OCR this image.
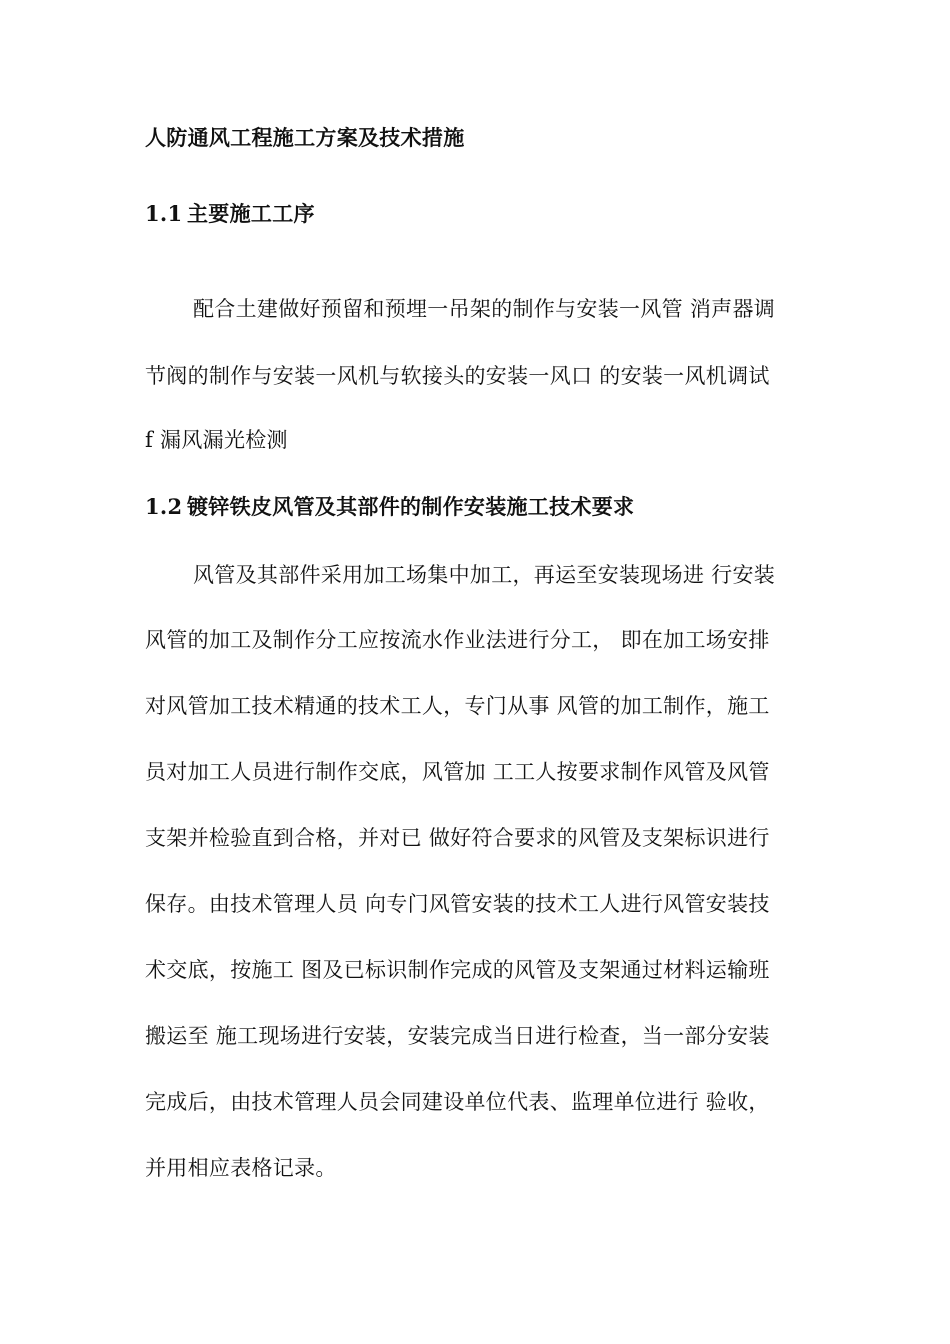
人防通风工程施工方案及技术措施
1.1 主要施工工序
配合土建做好预留和预埋一吊架的制作与安装一风管 消声器调
节阀的制作与安装一风机与软接头的安装一风口 的安装一风机调试
f 漏风漏光检测
1.2 镀锌铁皮风管及其部件的制作安装施工技术要求
风管及其部件采用加工场集中加工，再运至安装现场进 行安装
风管的加工及制作分工应按流水作业法进行分工， 即在加工场安排
对风管加工技术精通的技术工人，专门从事 风管的加工制作，施工
员对加工人员进行制作交底，风管加 工工人按要求制作风管及风管
支架并检验直到合格，并对已 做好符合要求的风管及支架标识进行
保存。由技术管理人员 向专门风管安装的技术工人进行风管安装技
术交底，按施工 图及已标识制作完成的风管及支架通过材料运输班
搬运至 施工现场进行安装，安装完成当日进行检查，当一部分安装
完成后，由技术管理人员会同建设单位代表、监理单位进行 验收，
并用相应表格记录。
